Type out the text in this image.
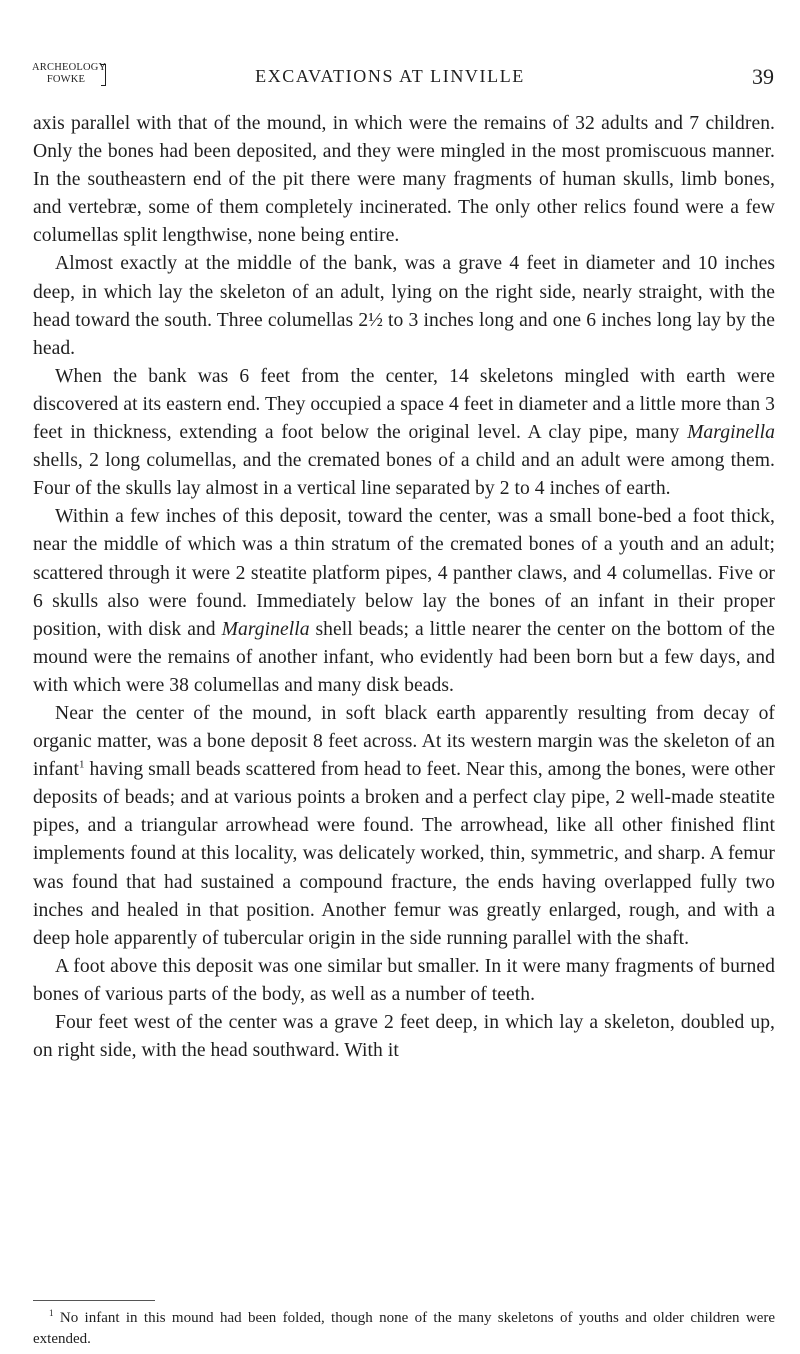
ARCHEOLOGY
FOWKE	EXCAVATIONS AT LINVILLE	39

axis parallel with that of the mound, in which were the remains of 32 adults and 7 children. Only the bones had been deposited, and they were mingled in the most promiscuous manner. In the southeastern end of the pit there were many fragments of human skulls, limb bones, and vertebræ, some of them completely incinerated. The only other relics found were a few columellas split lengthwise, none being entire.

Almost exactly at the middle of the bank, was a grave 4 feet in diameter and 10 inches deep, in which lay the skeleton of an adult, lying on the right side, nearly straight, with the head toward the south. Three columellas 2½ to 3 inches long and one 6 inches long lay by the head.

When the bank was 6 feet from the center, 14 skeletons mingled with earth were discovered at its eastern end. They occupied a space 4 feet in diameter and a little more than 3 feet in thickness, extending a foot below the original level. A clay pipe, many Marginella shells, 2 long columellas, and the cremated bones of a child and an adult were among them. Four of the skulls lay almost in a vertical line separated by 2 to 4 inches of earth.

Within a few inches of this deposit, toward the center, was a small bone-bed a foot thick, near the middle of which was a thin stratum of the cremated bones of a youth and an adult; scattered through it were 2 steatite platform pipes, 4 panther claws, and 4 columellas. Five or 6 skulls also were found. Immediately below lay the bones of an infant in their proper position, with disk and Marginella shell beads; a little nearer the center on the bottom of the mound were the remains of another infant, who evidently had been born but a few days, and with which were 38 columellas and many disk beads.

Near the center of the mound, in soft black earth apparently resulting from decay of organic matter, was a bone deposit 8 feet across. At its western margin was the skeleton of an infant$^1$ having small beads scattered from head to feet. Near this, among the bones, were other deposits of beads; and at various points a broken and a perfect clay pipe, 2 well-made steatite pipes, and a triangular arrowhead were found. The arrowhead, like all other finished flint implements found at this locality, was delicately worked, thin, symmetric, and sharp. A femur was found that had sustained a compound fracture, the ends having overlapped fully two inches and healed in that position. Another femur was greatly enlarged, rough, and with a deep hole apparently of tubercular origin in the side running parallel with the shaft.

A foot above this deposit was one similar but smaller. In it were many fragments of burned bones of various parts of the body, as well as a number of teeth.

Four feet west of the center was a grave 2 feet deep, in which lay a skeleton, doubled up, on right side, with the head southward. With it

$^1$ No infant in this mound had been folded, though none of the many skeletons of youths and older children were extended.
